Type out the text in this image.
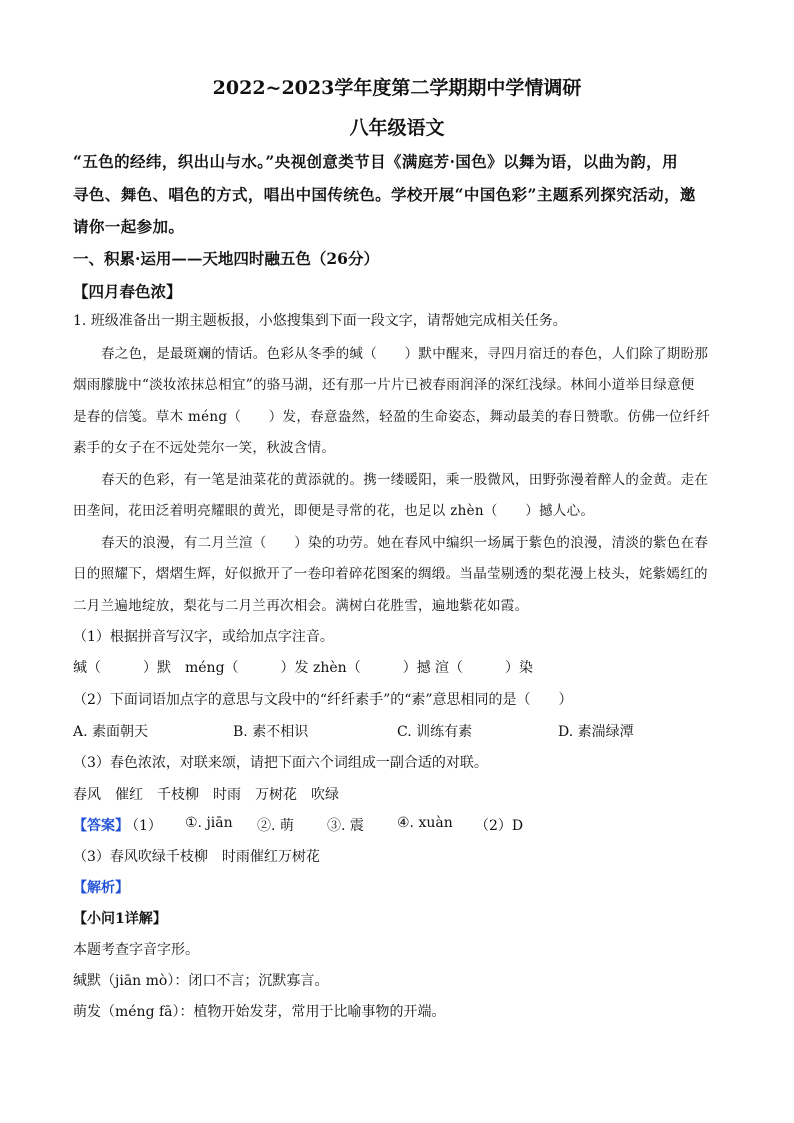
2022~2023学年度第二学期期中学情调研
八年级语文
“五色的经纬，织出山与水。”央视创意类节目《满庭芳·国色》以舞为语，以曲为韵，用
寻色、舞色、唱色的方式，唱出中国传统色。学校开展“中国色彩”主题系列探究活动，邀
请你一起参加。
一、积累·运用——天地四时融五色（26分）
【四月春色浓】
1. 班级准备出一期主题板报，小悠搜集到下面一段文字，请帮她完成相关任务。
春之色，是最斑斓的情话。色彩从冬季的缄（　　）默中醒来，寻四月宿迁的春色，人们除了期盼那
烟雨朦胧中“淡妆浓抹总相宜”的骆马湖，还有那一片片已被春雨润泽的深红浅绿。林间小道举目绿意便
是春的信笺。草木 méng（　　）发，春意盎然，轻盈的生命姿态，舞动最美的春日赞歌。仿佛一位纤纤
素手的女子在不远处莞尔一笑，秋波含情。
春天的色彩，有一笔是油菜花的黄添就的。携一缕暖阳，乘一股微风，田野弥漫着醉人的金黄。走在
田垄间，花田泛着明亮耀眼的黄光，即便是寻常的花，也足以 zhèn（　　）撼人心。
春天的浪漫，有二月兰渲（　　）染的功劳。她在春风中编织一场属于紫色的浪漫，清淡的紫色在春
日的照耀下，熠熠生辉，好似掀开了一卷印着碎花图案的绸缎。当晶莹剔透的梨花漫上枝头，姹紫嫣红的
二月兰遍地绽放，梨花与二月兰再次相会。满树白花胜雪，遍地紫花如霞。
（1）根据拼音写汉字，或给加点字注音。
缄（　　　）默 méng（　　　）发 zhèn（　　　）撼 渲（　　　）染
（2）下面词语加点字的意思与文段中的“纤纤素手”的“素”意思相同的是（　　）
A. 素面朝天	B. 素不相识	C. 训练有素	D. 素湍绿潭
（3）春色浓浓，对联来颂，请把下面六个词组成一副合适的对联。
春风　催红　千枝柳　时雨　万树花　吹绿
【答案】
（1） ①. jiān ②. 萌 ③. 震 ④. xuàn （2）D
（3）春风吹绿千枝柳　时雨催红万树花
【解析】
【小问1详解】
本题考查字音字形。
缄默（jiān mò）：闭口不言；沉默寡言。
萌发（méng fā）：植物开始发芽，常用于比喻事物的开端。
